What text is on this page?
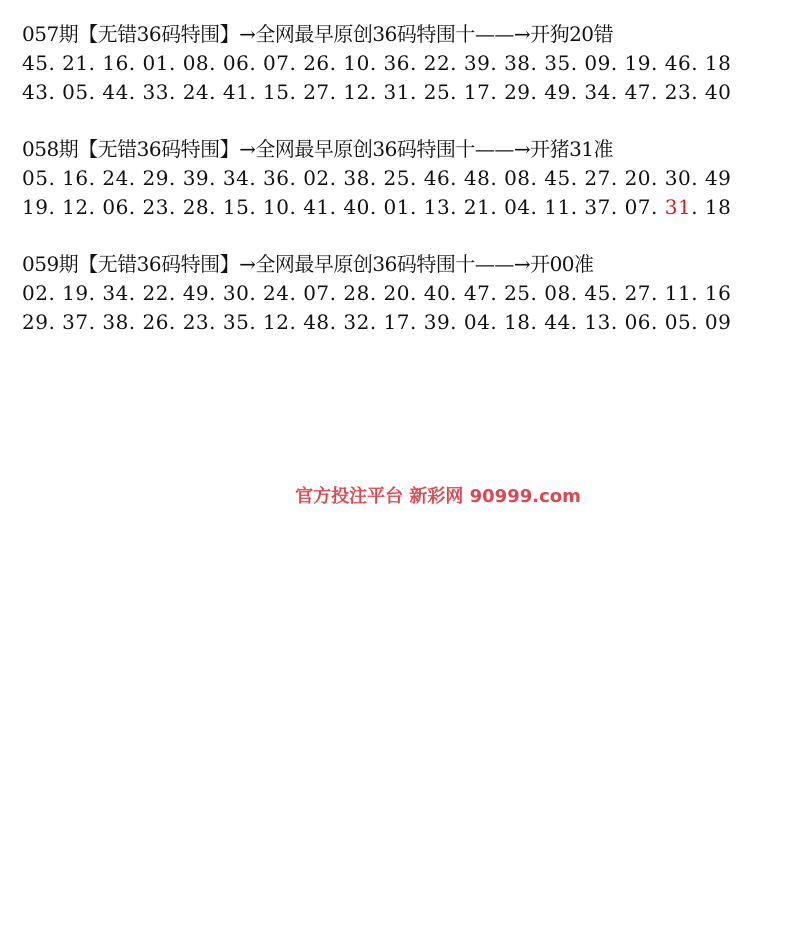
057期【无错36码特围】→全网最早原创36码特围十——→开狗20错
45. 21. 16. 01. 08. 06. 07. 26. 10. 36. 22. 39. 38. 35. 09. 19. 46. 18
43. 05. 44. 33. 24. 41. 15. 27. 12. 31. 25. 17. 29. 49. 34. 47. 23. 40
058期【无错36码特围】→全网最早原创36码特围十——→开猪31准
05. 16. 24. 29. 39. 34. 36. 02. 38. 25. 46. 48. 08. 45. 27. 20. 30. 49
19. 12. 06. 23. 28. 15. 10. 41. 40. 01. 13. 21. 04. 11. 37. 07. 31. 18
059期【无错36码特围】→全网最早原创36码特围十——→开00准
02. 19. 34. 22. 49. 30. 24. 07. 28. 20. 40. 47. 25. 08. 45. 27. 11. 16
29. 37. 38. 26. 23. 35. 12. 48. 32. 17. 39. 04. 18. 44. 13. 06. 05. 09
官方投注平台 新彩网 90999.com
